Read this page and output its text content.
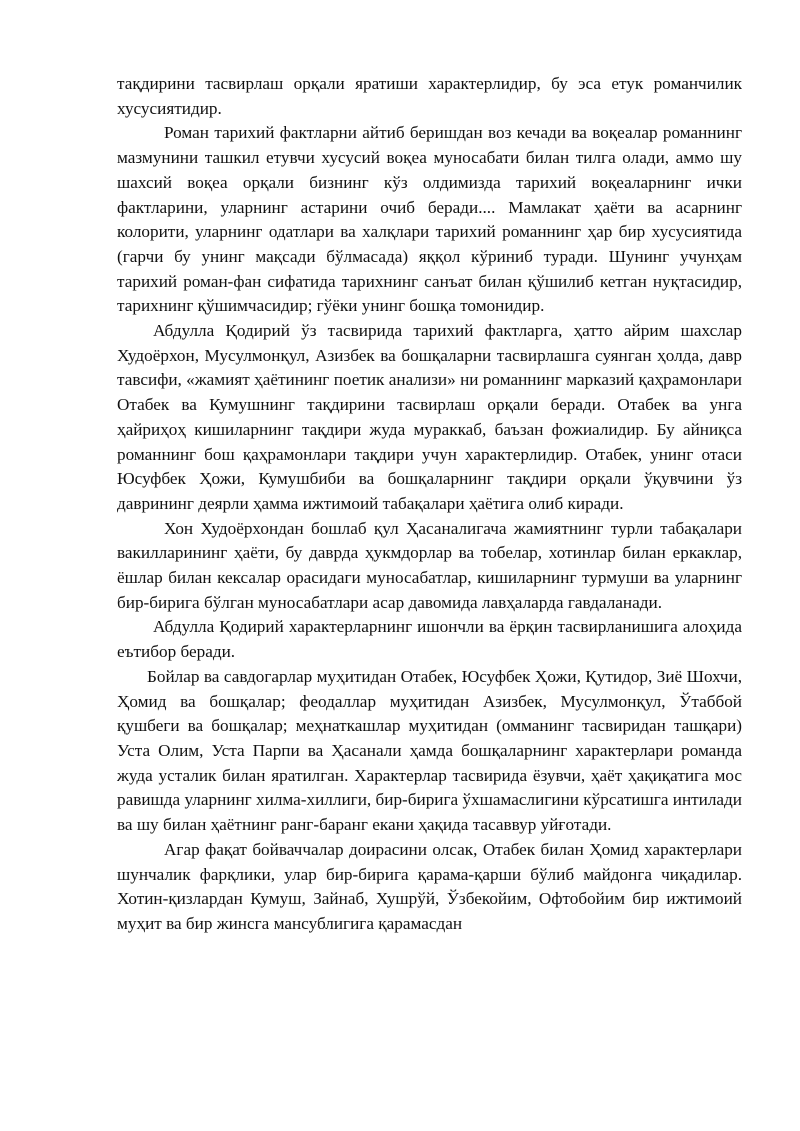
тақдирини тасвирлаш орқали яратиши характерлидир, бу эса етук романчилик хусусиятидир.

Роман тарихий фактларни айтиб беришдан воз кечади ва воқеалар романнинг мазмунини ташкил етувчи хусусий воқеа муносабати билан тилга олади, аммо шу шахсий воқеа орқали бизнинг кўз олдимизда тарихий воқеаларнинг ички фактларини, уларнинг астарини очиб беради.... Мамлакат ҳаёти ва асарнинг колорити, уларнинг одатлари ва халқлари тарихий романнинг ҳар бир хусусиятида (гарчи бу унинг мақсади бўлмасада) яққол кўриниб туради. Шунинг учунҳам тарихий роман-фан сифатида тарихнинг санъат билан қўшилиб кетган нуқтасидир, тарихнинг қўшимчасидир; гўёки унинг бошқа томонидир.

Абдулла Қодирий ўз тасвирида тарихий фактларга, ҳатто айрим шахслар Худоёрхон, Мусулмонқул, Азизбек ва бошқаларни тасвирлашга суянган ҳолда, давр тавсифи, «жамият ҳаётининг поетик анализи» ни романнинг марказий қаҳрамонлари Отабек ва Кумушнинг тақдирини тасвирлаш орқали беради. Отабек ва унга ҳайриҳоҳ кишиларнинг тақдири жуда мураккаб, баъзан фожиалидир. Бу айниқса романнинг бош қаҳрамонлари тақдири учун характерлидир. Отабек, унинг отаси Юсуфбек Ҳожи, Кумушбиби ва бошқаларнинг тақдири орқали ўқувчини ўз даврининг деярли ҳамма ижтимоий табақалари ҳаётига олиб киради.

Хон Худоёрхондан бошлаб қул Ҳасаналигача жамиятнинг турли табақалари вакилларининг ҳаёти, бу даврда ҳукмдорлар ва тобелар, хотинлар билан еркаклар, ёшлар билан кексалар орасидаги муносабатлар, кишиларнинг турмуши ва уларнинг бир-бирига бўлган муносабатлари асар давомида лавҳаларда гавдаланади.

Абдулла Қодирий характерларнинг ишончли ва ёрқин тасвирланишига алоҳида еътибор беради.

Бойлар ва савдогарлар муҳитидан Отабек, Юсуфбек Ҳожи, Қутидор, Зиё Шохчи, Ҳомид ва бошқалар; феодаллар муҳитидан Азизбек, Мусулмонқул, Ўтаббой қушбеги ва бошқалар; меҳнаткашлар муҳитидан (омманинг тасвиридан ташқари) Уста Олим, Уста Парпи ва Ҳасанали ҳамда бошқаларнинг характерлари романда жуда усталик билан яратилган. Характерлар тасвирида ёзувчи, ҳаёт ҳақиқатига мос равишда уларнинг хилма-хиллиги, бир-бирига ўхшамаслигини кўрсатишга интилади ва шу билан ҳаётнинг ранг-баранг екани ҳақида тасаввур уйғотади.

Агар фақат бойваччалар доирасини олсак, Отабек билан Ҳомид характерлари шунчалик фарқлики, улар бир-бирига қарама-қарши бўлиб майдонга чиқадилар. Хотин-қизлардан Кумуш, Зайнаб, Хушрўй, Ўзбекойим, Офтобойим бир ижтимоий муҳит ва бир жинсга мансублигига қарамасдан
